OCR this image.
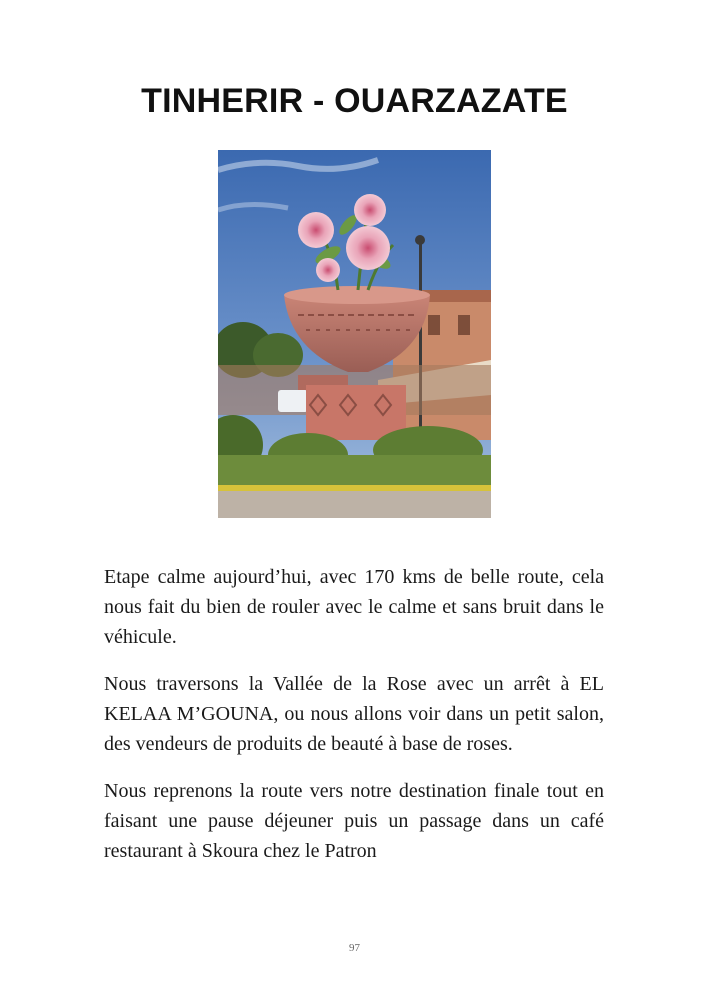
TINHERIR - OUARZAZATE

Etape calme aujourd’hui, avec 170 kms de belle route, cela nous fait du bien de rouler avec le calme et sans bruit dans le véhicule.

Nous traversons la Vallée de la Rose avec un arrêt à EL KELAA M’GOUNA, ou nous allons voir dans un petit salon, des vendeurs de produits de beauté à base de roses.

Nous reprenons la route vers notre destination finale tout en faisant une pause déjeuner puis un passage dans un café restaurant à Skoura chez le Patron

97
